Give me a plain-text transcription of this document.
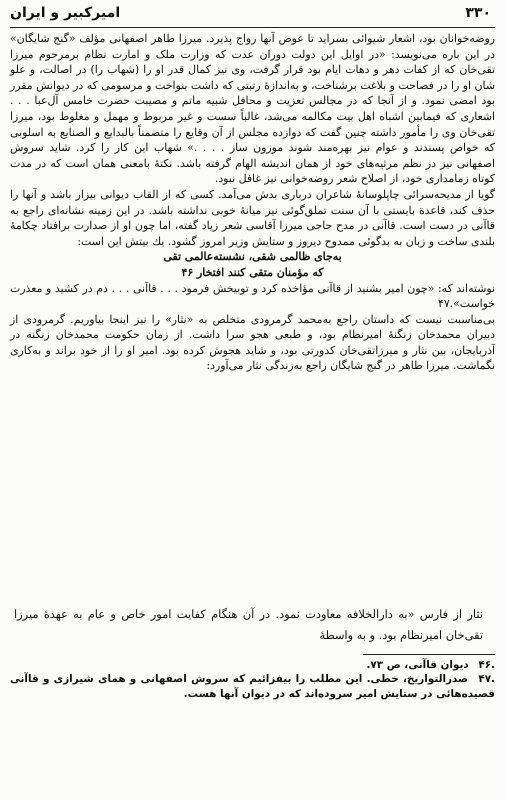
۳۳۰
امیرکبیر و ایران

روضه‌خوانان بود، اشعار شیوائی بسراید تا عوض آنها رواج پذیرد. میرزا طاهر اصفهانی مؤلف «گنج شایگان» در این باره می‌نویسد: «در اوایل این دولت دوران عدت که وزارت ملک و امارت نظام برمرحوم میرزا تقی‌خان که از کفات دهر و دهات ایام بود قرار گرفت، وی نیز کمال قدر او را (شهاب را) در اصالت، و علو شان او را در فصاحت و بلاغت برشناخت، و به‌اندازهٔ رتبتی که داشت بنواخت و مرسومی که در دیوانش مقرر بود امضی نمود. و از آنجا که در مجالس تعزیت و محافل شبیه ماتم و مصیبت حضرت خامس آل‌عبا . . . اشعاری که فیمابین اشباه اهل بیت مکالمه می‌شد، غالباً سست و غیر مربوط و مهمل و مغلوط بود، میرزا تقی‌خان وی را مأمور داشته چنین گفت که دوازده مجلس از آن وقایع را متضمناً بالبدایع و الصنایع به اسلوبی که خواص پسندند و عوام نیز بهره‌مند شوند موزون ساز . . . .» شهاب این کار را کرد. شاید سروش اصفهانی نیز در نظم مرثیه‌های خود از همان اندیشه الهام گرفته باشد. نکتهٔ بامعنی همان است که در مدت کوتاه زمامداری خود، از اصلاح شعر روضه‌خوانی نیز غافل نبود.

گویا از مدیحه‌سرائی چاپلوسانهٔ شاعران درباری بدش می‌آمد. کسی که از القاب دیوانی بیزار باشد و آنها را حذف کند، قاعدة بایستی با آن سنت تملق‌گوئی نیز میانهٔ خوبی نداشته باشد. در این زمینه نشانه‌ای راجع به قاآنی در دست است. قاآنی در مدح حاجی میرزا آقاسی شعر زیاد گفته، اما چون او از صدارت برافتاد چکامهٔ بلندی ساخت و زبان به بدگوئی ممدوح دیروز و ستایش وزیر امروز گشود. یك بیتش این است:

به‌جای ظالمی شقی، نشسته‌عالمی تقی

که مؤمنان متقی کنند افتخار ۴۶

نوشته‌اند که: «چون امیر بشنید از قاآنی مؤاخذه کرد و توبیخش فرمود . . . قاآنی . . . دم در کشید و معذرت خواست».۴۷

بی‌مناسبت نیست که داستان راجع به‌محمد گرمرودی متخلص به «نثار» را نیز اینجا بیاوریم. گرمرودی از دبیران محمدخان زنگنهٔ امیرنظام بود، و طبعی هجو سرا داشت. از زمان حکومت محمدخان زنگنه در آذربایجان، بین نثار و میرزاتقی‌خان کدورتی بود، و شاید هجوش کرده بود. امیر او را از خود براند و به‌کاری نگماشت. میرزا طاهر در گنج شایگان راجع به‌زندگی نثار می‌آورد:

نثار از فارس «به دارالخلافه معاودت نمود. در آن هنگام کفایت امور خاص و عام به عهدهٔ میرزا تقی‌خان امیرنظام بود. و به واسطهٔ

.۴۶ دیوان قاآنی، ص ۷۳.

.۴۷ صدرالتواریخ، خطی. این مطلب را بیفزائیم که سروش اصفهانی و همای شیرازی و قاآنی قصیده‌هائی در ستایش امیر سروده‌اند که در دیوان آنها هست.
